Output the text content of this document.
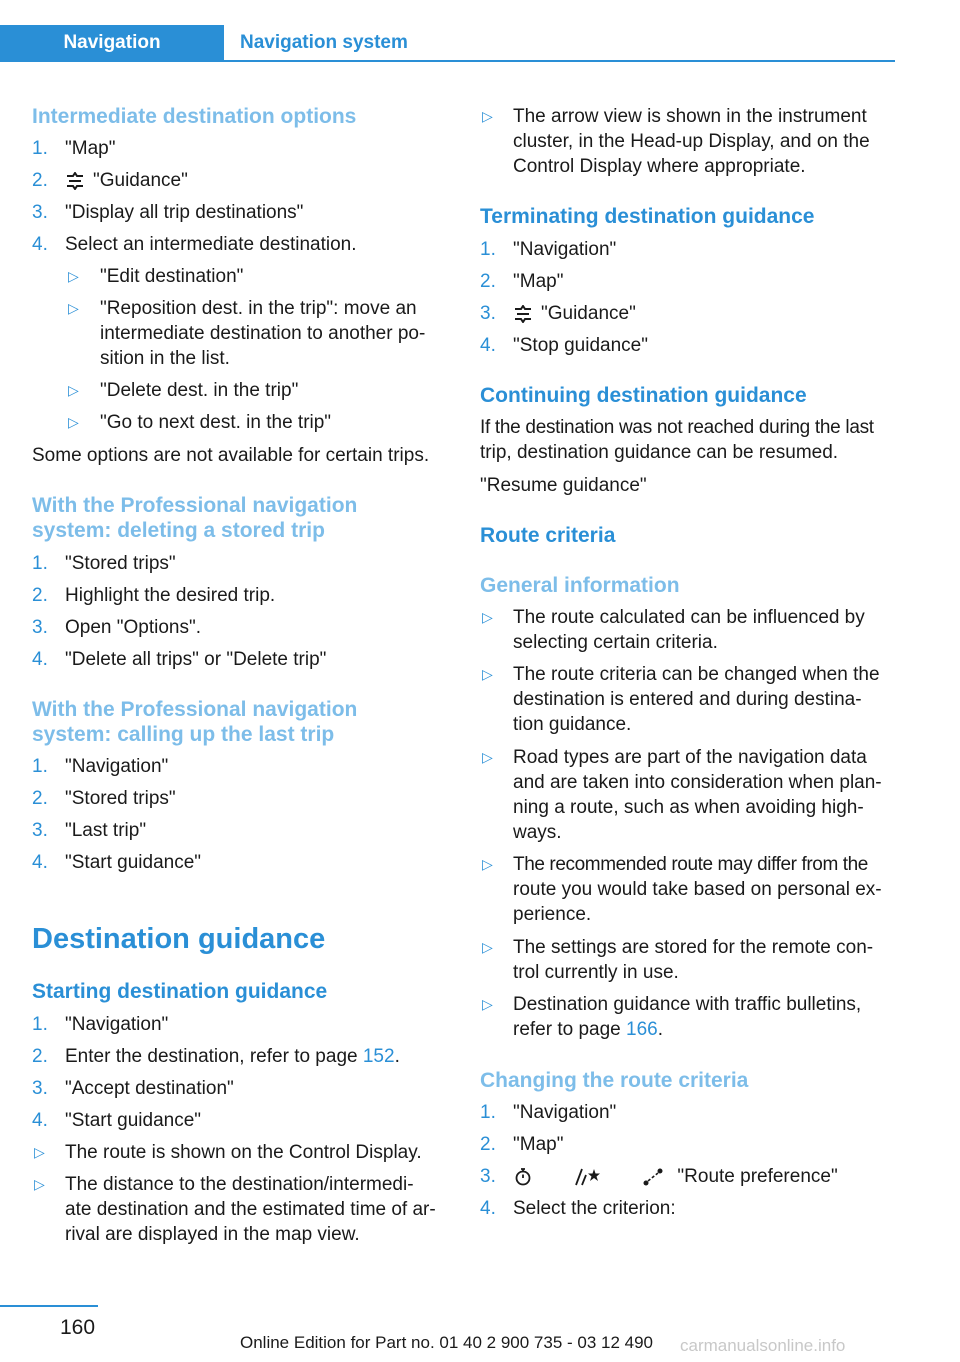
Navigation	Navigation system
Intermediate destination options
1. "Map"
2.	"Guidance"
3. "Display all trip destinations"
4. Select an intermediate destination.
▷ "Edit destination"
▷ "Reposition dest. in the trip": move an
intermediate destination to another po-
sition in the list.
▷ "Delete dest. in the trip"
▷ "Go to next dest. in the trip"
Some options are not available for certain trips.
With the Professional navigation
system: deleting a stored trip
1. "Stored trips"
2. Highlight the desired trip.
3. Open "Options".
4. "Delete all trips" or "Delete trip"
With the Professional navigation
system: calling up the last trip
1. "Navigation"
2. "Stored trips"
3. "Last trip"
4. "Start guidance"
Destination guidance
Starting destination guidance
1. "Navigation"
2. Enter the destination, refer to page 152.
3. "Accept destination"
4. "Start guidance"
▷ The route is shown on the Control Display.
▷ The distance to the destination/intermedi-
ate destination and the estimated time of ar-
rival are displayed in the map view.
▷ The arrow view is shown in the instrument
cluster, in the Head-up Display, and on the
Control Display where appropriate.
Terminating destination guidance
1. "Navigation"
2. "Map"
3.	"Guidance"
4. "Stop guidance"
Continuing destination guidance
If the destination was not reached during the last
trip, destination guidance can be resumed.
"Resume guidance"
Route criteria
General information
▷ The route calculated can be influenced by
selecting certain criteria.
▷ The route criteria can be changed when the
destination is entered and during destina-
tion guidance.
▷ Road types are part of the navigation data
and are taken into consideration when plan-
ning a route, such as when avoiding high-
ways.
▷ The recommended route may differ from the
route you would take based on personal ex-
perience.
▷ The settings are stored for the remote con-
trol currently in use.
▷ Destination guidance with traffic bulletins,
refer to page 166.
Changing the route criteria
1. "Navigation"
2. "Map"
3.	"Route preference"
4. Select the criterion:
160
Online Edition for Part no. 01 40 2 900 735 - 03 12 490 carmanualsonline.info
